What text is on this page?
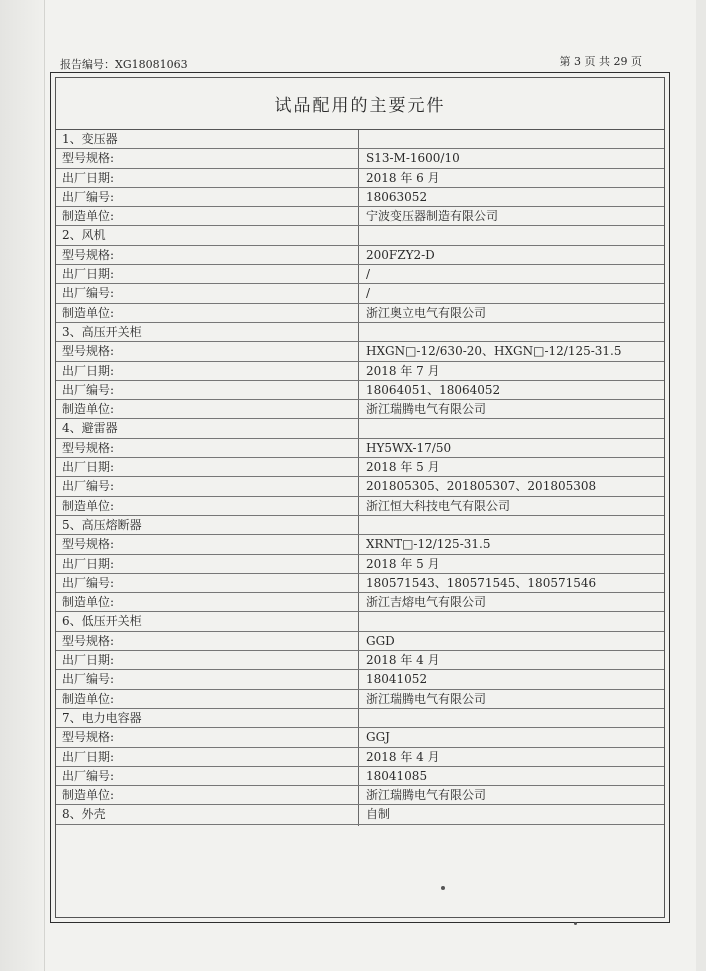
报告编号：XG18081063	第 3 页 共 29 页
试品配用的主要元件
1、变压器
型号规格:	S13-M-1600/10
出厂日期:	2018 年 6 月
出厂编号:	18063052
制造单位:	宁波变压器制造有限公司
2、风机
型号规格:	200FZY2-D
出厂日期:	/
出厂编号:	/
制造单位:	浙江奥立电气有限公司
3、高压开关柜
型号规格:	HXGN□-12/630-20、HXGN□-12/125-31.5
出厂日期:	2018 年 7 月
出厂编号:	18064051、18064052
制造单位:	浙江瑞腾电气有限公司
4、避雷器
型号规格:	HY5WX-17/50
出厂日期:	2018 年 5 月
出厂编号:	201805305、201805307、201805308
制造单位:	浙江恒大科技电气有限公司
5、高压熔断器
型号规格:	XRNT□-12/125-31.5
出厂日期:	2018 年 5 月
出厂编号:	180571543、180571545、180571546
制造单位:	浙江吉熔电气有限公司
6、低压开关柜
型号规格:	GGD
出厂日期:	2018 年 4 月
出厂编号:	18041052
制造单位:	浙江瑞腾电气有限公司
7、电力电容器
型号规格:	GGJ
出厂日期:	2018 年 4 月
出厂编号:	18041085
制造单位:	浙江瑞腾电气有限公司
8、外壳	自制
